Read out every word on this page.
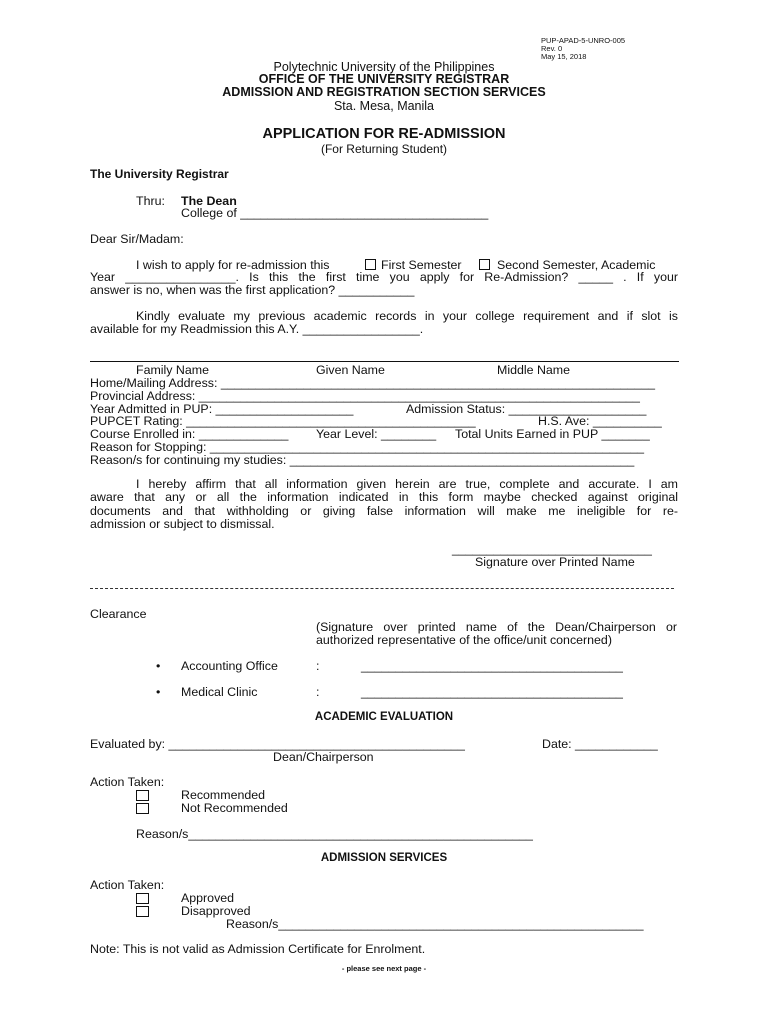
PUP-APAD-5-UNRO-005
Rev. 0
May 15, 2018
Polytechnic University of the Philippines
OFFICE OF THE UNIVERSITY REGISTRAR
ADMISSION AND REGISTRATION SECTION SERVICES
Sta. Mesa, Manila
APPLICATION FOR RE-ADMISSION
(For Returning Student)
The University Registrar
Thru: The Dean
College of ____________________________________
Dear Sir/Madam:
I wish to apply for re-admission this	First Semester	Second Semester, Academic
Year ________________. Is this the first time you apply for Re-Admission? _____ . If your
answer is no, when was the first application? ___________
Kindly evaluate my previous academic records in your college requirement and if slot is
available for my Readmission this A.Y. _________________.
Family Name	Given Name	Middle Name
Home/Mailing Address: _______________________________________________________________
Provincial Address: ________________________________________________________________
Year Admitted in PUP: ____________________	Admission Status: ____________________
PUPCET Rating: __________________________________________	H.S. Ave: __________
Course Enrolled in: _____________ Year Level: ________ Total Units Earned in PUP _______
Reason for Stopping: _______________________________________________________________
Reason/s for continuing my studies: __________________________________________________
I hereby affirm that all information given herein are true, complete and accurate. I am
aware that any or all the information indicated in this form maybe checked against original
documents and that withholding or giving false information will make me ineligible for re-
admission or subject to dismissal.
_____________________________
Signature over Printed Name
Clearance
(Signature over printed name of the Dean/Chairperson or
authorized representative of the office/unit concerned)
• Accounting Office	:	______________________________________
• Medical Clinic	:	______________________________________
ACADEMIC EVALUATION
Evaluated by: ___________________________________________	Date: ____________
Dean/Chairperson
Action Taken:
Recommended
Not Recommended
Reason/s__________________________________________________
ADMISSION SERVICES
Action Taken:
Approved
Disapproved
Reason/s_____________________________________________________
Note: This is not valid as Admission Certificate for Enrolment.
- please see next page -
